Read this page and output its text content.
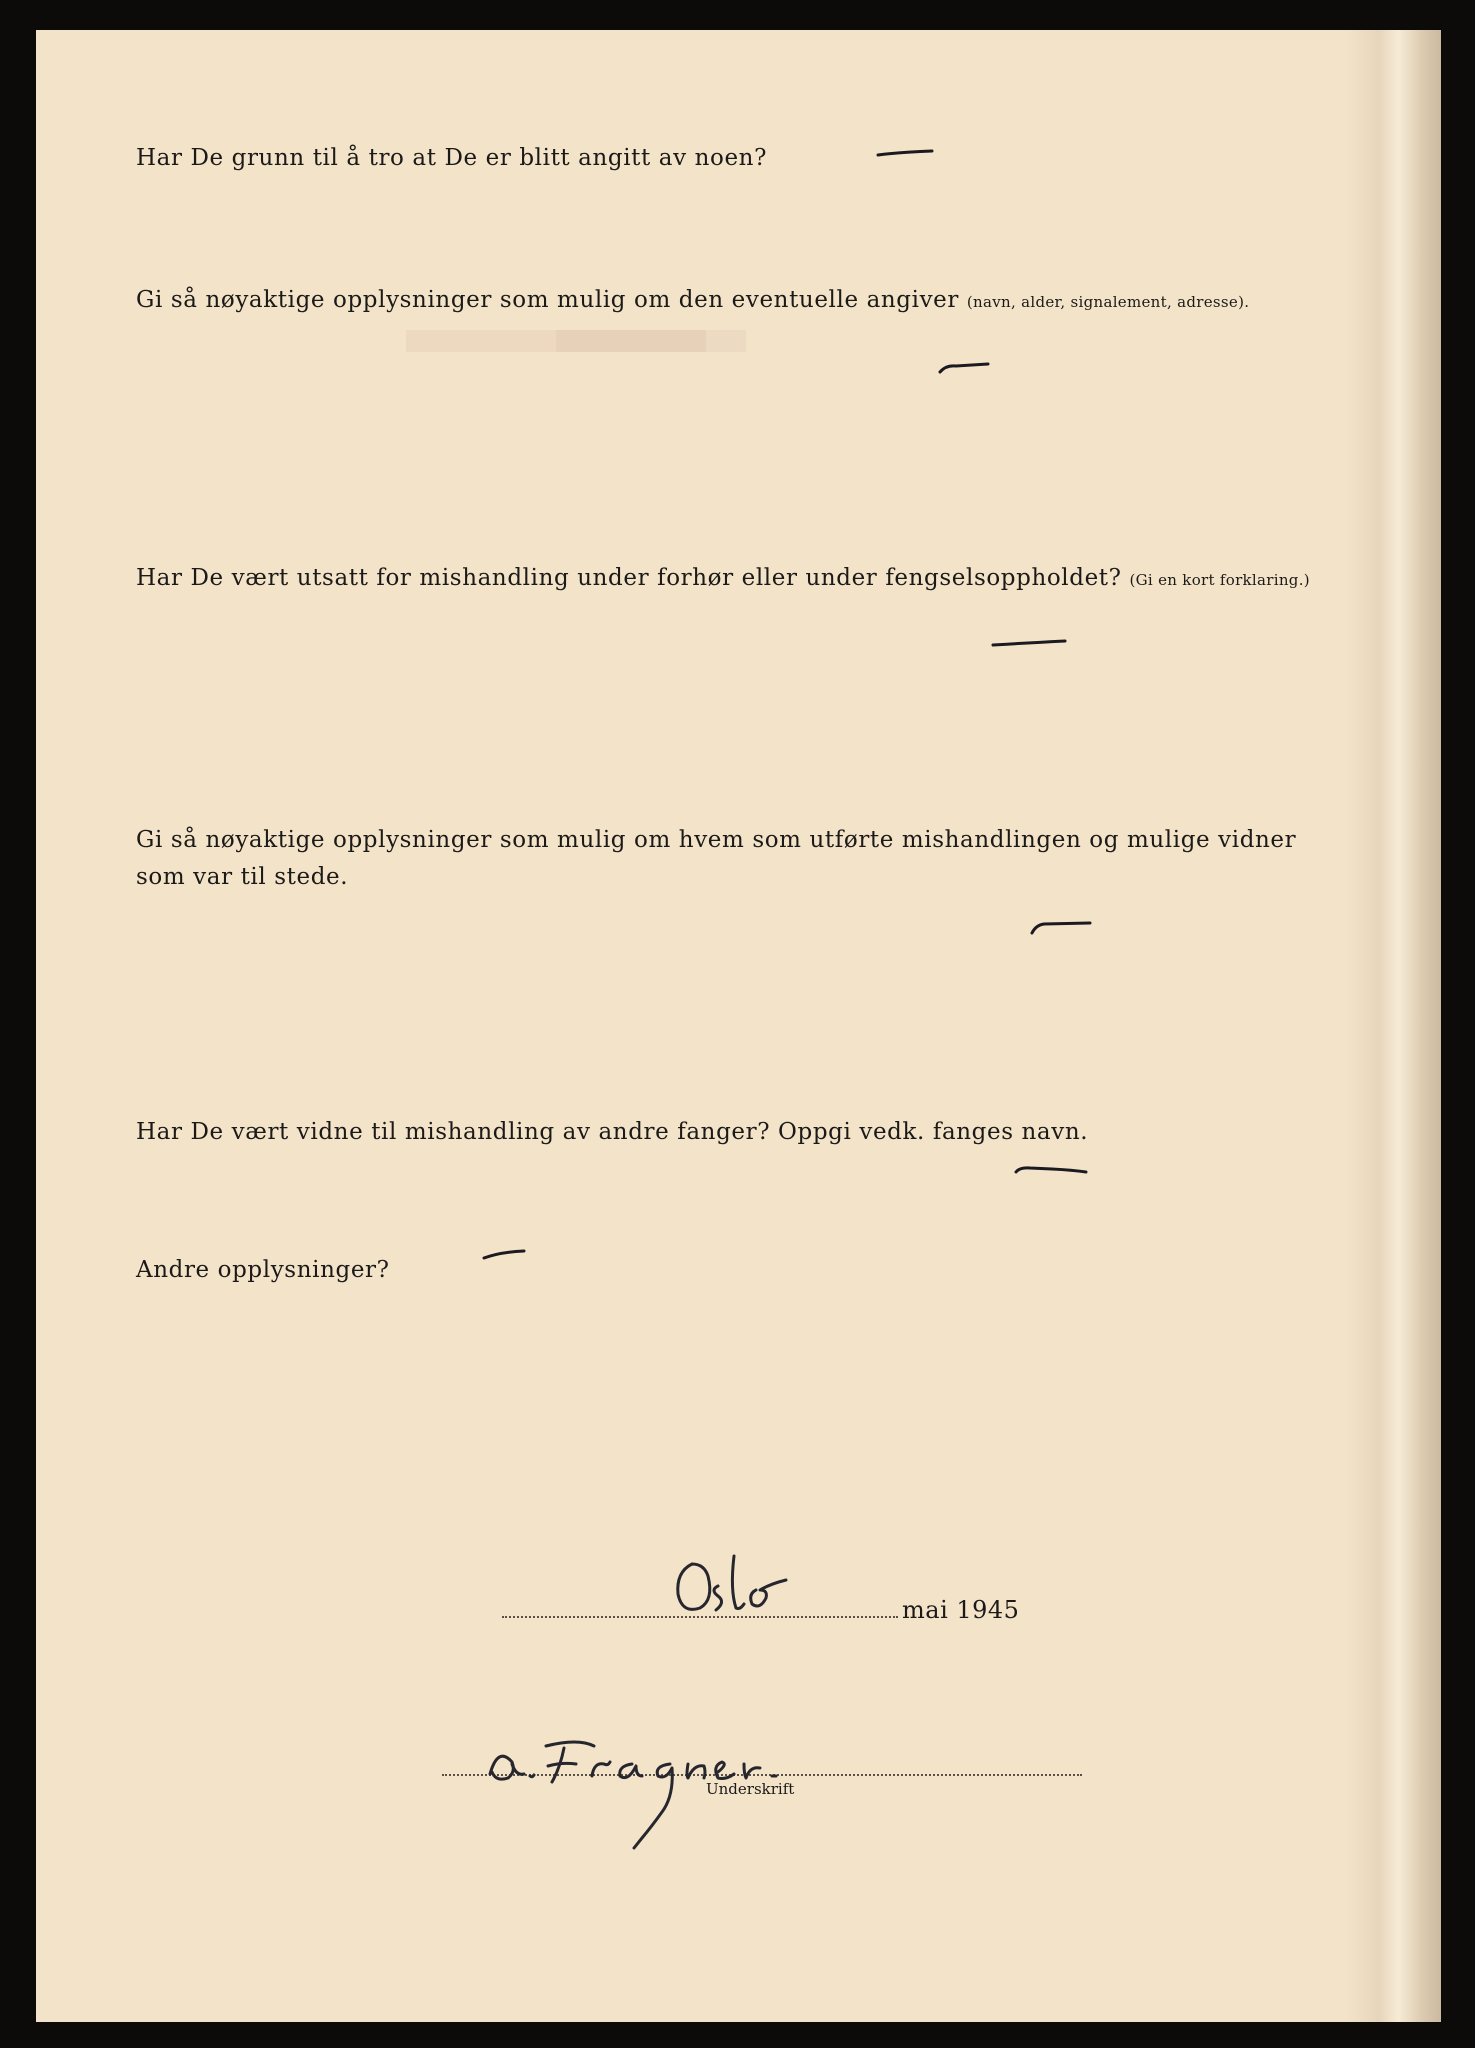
Har De grunn til å tro at De er blitt angitt av noen?

Gi så nøyaktige opplysninger som mulig om den eventuelle angiver (navn, alder, signalement, adresse).

Har De vært utsatt for mishandling under forhør eller under fengselsoppholdet? (Gi en kort forklaring.)

Gi så nøyaktige opplysninger som mulig om hvem som utførte mishandlingen og mulige vidner
som var til stede.

Har De vært vidne til mishandling av andre fanger? Oppgi vedk. fanges navn.

Andre opplysninger?

mai 1945
Underskrift
